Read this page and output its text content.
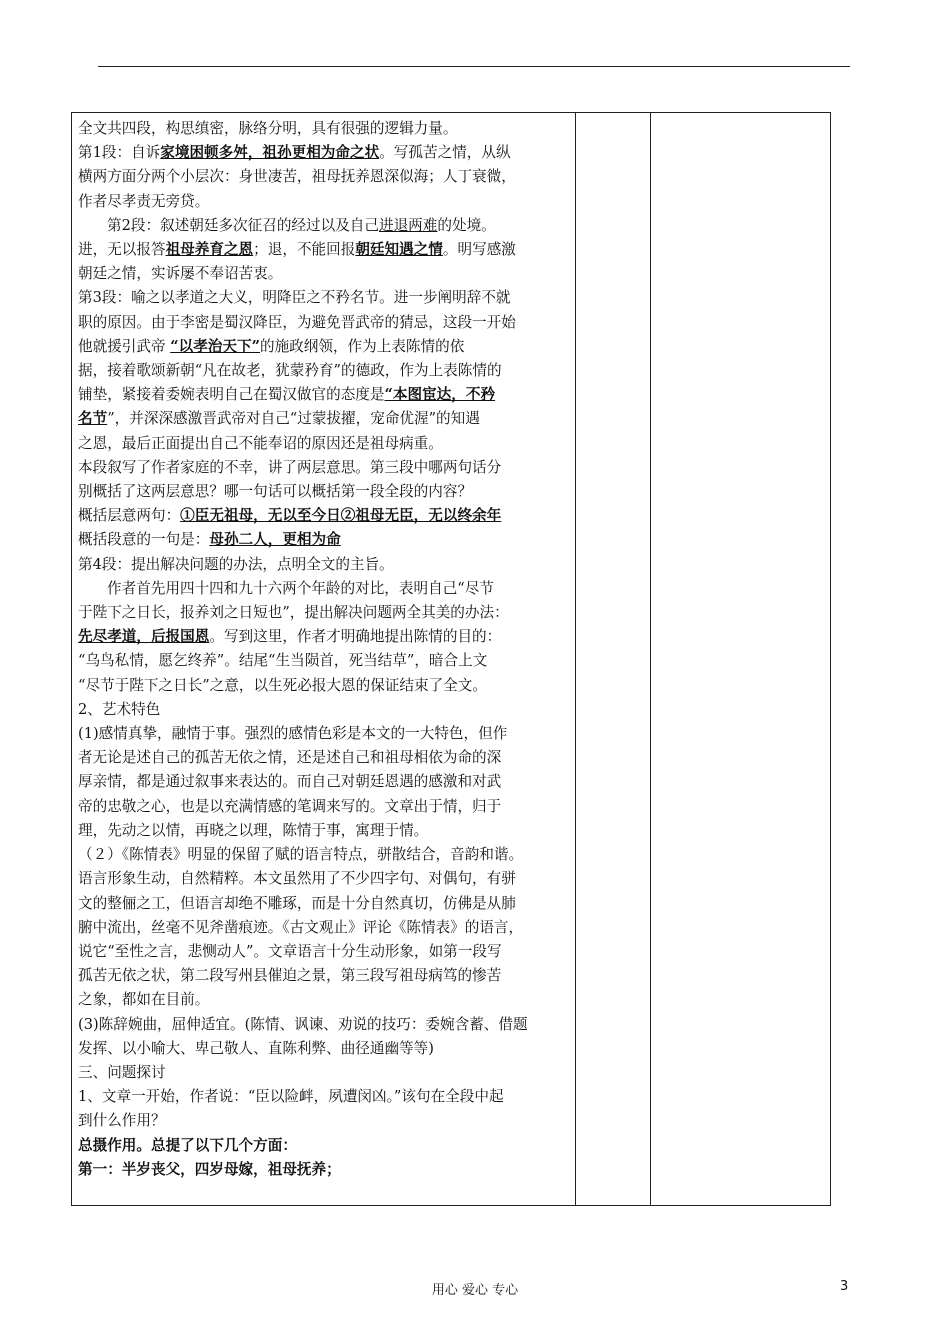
全文共四段，构思缜密，脉络分明，具有很强的逻辑力量。

第1段：自诉家境困顿多舛，祖孙更相为命之状。写孤苦之情，从纵

横两方面分两个小层次：身世凄苦，祖母抚养恩深似海；人丁衰微，

作者尽孝责无旁贷。

第2段：叙述朝廷多次征召的经过以及自己进退两难的处境。

进，无以报答祖母养育之恩；退，不能回报朝廷知遇之情。明写感激

朝廷之情，实诉屡不奉诏苦衷。

第3段：喻之以孝道之大义，明降臣之不矜名节。进一步阐明辞不就

职的原因。由于李密是蜀汉降臣，为避免晋武帝的猜忌，这段一开始

他就援引武帝 “以孝治天下”的施政纲领，作为上表陈情的依

据，接着歌颂新朝“凡在故老，犹蒙矜育”的德政，作为上表陈情的

铺垫，紧接着委婉表明自己在蜀汉做官的态度是“本图宦达，不矜

名节”，并深深感激晋武帝对自己“过蒙拔擢，宠命优渥”的知遇

之恩，最后正面提出自己不能奉诏的原因还是祖母病重。

本段叙写了作者家庭的不幸，讲了两层意思。第三段中哪两句话分

别概括了这两层意思？哪一句话可以概括第一段全段的内容？

概括层意两句：①臣无祖母，无以至今日②祖母无臣，无以终余年

概括段意的一句是：母孙二人，更相为命

第4段：提出解决问题的办法，点明全文的主旨。

作者首先用四十四和九十六两个年龄的对比，表明自己“尽节

于陛下之日长，报养刘之日短也”，提出解决问题两全其美的办法：

先尽孝道，后报国恩。写到这里，作者才明确地提出陈情的目的：

“乌鸟私情，愿乞终养”。结尾“生当陨首，死当结草”，暗合上文

“尽节于陛下之日长”之意，以生死必报大恩的保证结束了全文。

2、艺术特色

(1)感情真挚，融情于事。强烈的感情色彩是本文的一大特色，但作

者无论是述自己的孤苦无依之情，还是述自己和祖母相依为命的深

厚亲情，都是通过叙事来表达的。而自己对朝廷恩遇的感激和对武

帝的忠敬之心，也是以充满情感的笔调来写的。文章出于情，归于

理，先动之以情，再晓之以理，陈情于事，寓理于情。

（２）《陈情表》明显的保留了赋的语言特点，骈散结合，音韵和谐。

语言形象生动，自然精粹。本文虽然用了不少四字句、对偶句，有骈

文的整俪之工，但语言却绝不雕琢，而是十分自然真切，仿佛是从肺

腑中流出，丝毫不见斧凿痕迹。《古文观止》评论《陈情表》的语言，

说它“至性之言，悲恻动人”。文章语言十分生动形象，如第一段写

孤苦无依之状，第二段写州县催迫之景，第三段写祖母病笃的惨苦

之象，都如在目前。

(3)陈辞婉曲，屈伸适宜。(陈情、讽谏、劝说的技巧：委婉含蓄、借题

发挥、以小喻大、卑己敬人、直陈利弊、曲径通幽等等)

三、问题探讨

1、文章一开始，作者说：“臣以险衅，夙遭闵凶。”该句在全段中起

到什么作用？

总摄作用。总提了以下几个方面：

第一：半岁丧父，四岁母嫁，祖母抚养；

用心 爱心 专心	3
